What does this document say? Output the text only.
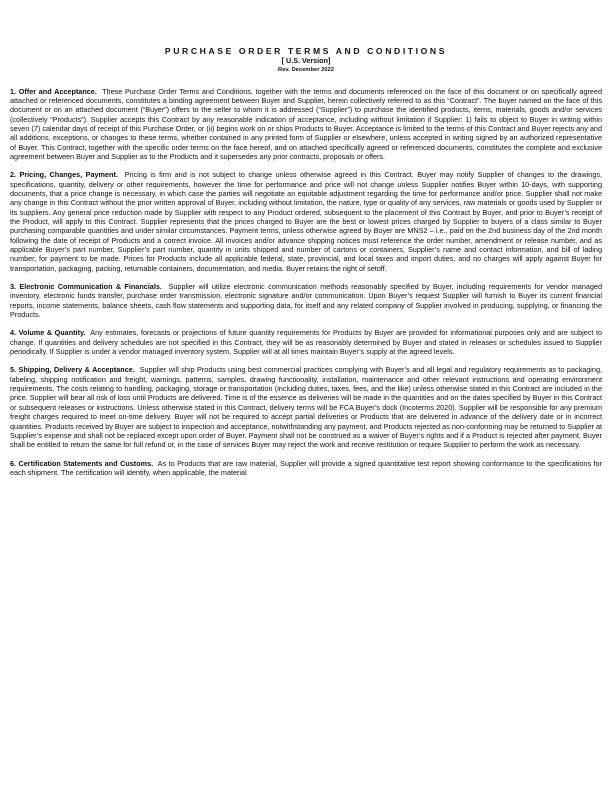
PURCHASE ORDER TERMS AND CONDITIONS
[ U.S. Version]
Rev. December 2022

1. Offer and Acceptance. These Purchase Order Terms and Conditions, together with the terms and documents referenced on the face of this document or on specifically agreed attached or referenced documents, constitutes a binding agreement between Buyer and Supplier, herein collectively referred to as this “Contract”. The buyer named on the face of this document or on an attached document (“Buyer”) offers to the seller to whom it is addressed (“Supplier”) to purchase the identified products, items, materials, goods and/or services (collectively “Products”). Supplier accepts this Contract by any reasonable indication of acceptance, including without limitation if Supplier: 1) fails to object to Buyer in writing within seven (7) calendar days of receipt of this Purchase Order, or (ii) begins work on or ships Products to Buyer. Acceptance is limited to the terms of this Contract and Buyer rejects any and all additions, exceptions, or changes to these terms, whether contained in any printed form of Supplier or elsewhere, unless accepted in writing signed by an authorized representative of Buyer. This Contract, together with the specific order terms on the face hereof, and on attached specifically agreed or referenced documents, constitutes the complete and exclusive agreement between Buyer and Supplier as to the Products and it supersedes any prior contracts, proposals or offers.

2. Pricing, Changes, Payment. Pricing is firm and is not subject to change unless otherwise agreed in this Contract. Buyer may notify Supplier of changes to the drawings, specifications, quantity, delivery or other requirements, however the time for performance and price will not change unless Supplier notifies Buyer within 10-days, with supporting documents, that a price change is necessary, in which case the parties will negotiate an equitable adjustment regarding the time for performance and/or price. Supplier shall not make any change in this Contract without the prior written approval of Buyer, including without limitation, the nature, type or quality of any services, raw materials or goods used by Supplier or its suppliers. Any general price reduction made by Supplier with respect to any Product ordered, subsequent to the placement of this Contract by Buyer, and prior to Buyer’s receipt of the Product, will apply to this Contract. Supplier represents that the prices charged to Buyer are the best or lowest prices charged by Supplier to buyers of a class similar to Buyer purchasing comparable quantities and under similar circumstances. Payment terms, unless otherwise agreed by Buyer are MNS2 – i.e., paid on the 2nd business day of the 2nd month following the date of receipt of Products and a correct invoice. All invoices and/or advance shipping notices must reference the order number, amendment or release number, and as applicable Buyer’s part number, Supplier’s part number, quantity in units shipped and number of cartons or containers, Supplier’s name and contact information, and bill of lading number, for payment to be made. Prices for Products include all applicable federal, state, provincial, and local taxes and import duties, and no charges will apply against Buyer for transportation, packaging, packing, returnable containers, documentation, and media. Buyer retains the right of setoff.

3. Electronic Communication & Financials. Supplier will utilize electronic communication methods reasonably specified by Buyer, including requirements for vendor managed inventory, electronic funds transfer, purchase order transmission, electronic signature and/or communication. Upon Buyer’s request Supplier will furnish to Buyer its current financial reports, income statements, balance sheets, cash flow statements and supporting data, for itself and any related company of Supplier involved in producing, supplying, or financing the Products.

4. Volume & Quantity. Any estimates, forecasts or projections of future quantity requirements for Products by Buyer are provided for informational purposes only and are subject to change. If quantities and delivery schedules are not specified in this Contract, they will be as reasonably determined by Buyer and stated in releases or schedules issued to Supplier periodically. If Supplier is under a vendor managed inventory system, Supplier will at all times maintain Buyer’s supply at the agreed levels.

5. Shipping, Delivery & Acceptance. Supplier will ship Products using best commercial practices complying with Buyer’s and all legal and regulatory requirements as to packaging, labeling, shipping notification and freight, warnings, patterns, samples, drawing functionality, installation, maintenance and other relevant instructions and operating environment requirements. The costs relating to handling, packaging, storage or transportation (including duties, taxes, fees, and the like) unless otherwise stated in this Contract are included in the price. Supplier will bear all risk of loss until Products are delivered. Time is of the essence as deliveries will be made in the quantities and on the dates specified by Buyer in this Contract or subsequent releases or instructions. Unless otherwise stated in this Contract, delivery terms will be FCA Buyer’s dock (Incoterms 2020). Supplier will be responsible for any premium freight charges required to meet on-time delivery. Buyer will not be required to accept partial deliveries or Products that are delivered in advance of the delivery date or in incorrect quantities. Products received by Buyer are subject to inspection and acceptance, notwithstanding any payment, and Products rejected as non-conforming may be returned to Supplier at Supplier’s expense and shall not be replaced except upon order of Buyer. Payment shall not be construed as a waiver of Buyer’s rights and if a Product is rejected after payment, Buyer shall be entitled to return the same for full refund or, in the case of services Buyer may reject the work and receive restitution or require Supplier to perform the work as necessary.

6. Certification Statements and Customs. As to Products that are raw material, Supplier will provide a signed quantitative test report showing conformance to the specifications for each shipment. The certification will identify, when applicable, the material
